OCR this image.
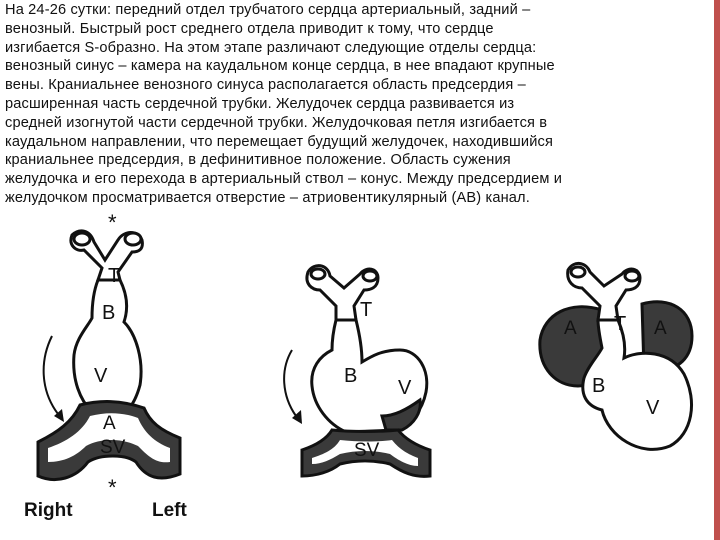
На 24-26 сутки: передний отдел трубчатого сердца артериальный, задний –
венозный. Быстрый рост среднего отдела приводит к тому, что сердце
изгибается S-образно. На этом этапе различают следующие отделы сердца:
венозный синус – камера на каудальном конце сердца, в нее впадают крупные
вены. Краниальнее венозного синуса располагается область предсердия –
расширенная часть сердечной трубки. Желудочек сердца развивается из
средней изогнутой части сердечной трубки. Желудочковая петля изгибается в
каудальном направлении, что перемещает будущий желудочек, находившийся
краниальнее предсердия, в дефинитивное положение. Область сужения
желудочка и его перехода в артериальный ствол – конус. Между предсердием и
желудочком просматривается отверстие – атриовентикулярный (АВ) канал.
*
T
B
V
A
SV
*
Right	Left
T
B
V
SV
A T A
B
V
